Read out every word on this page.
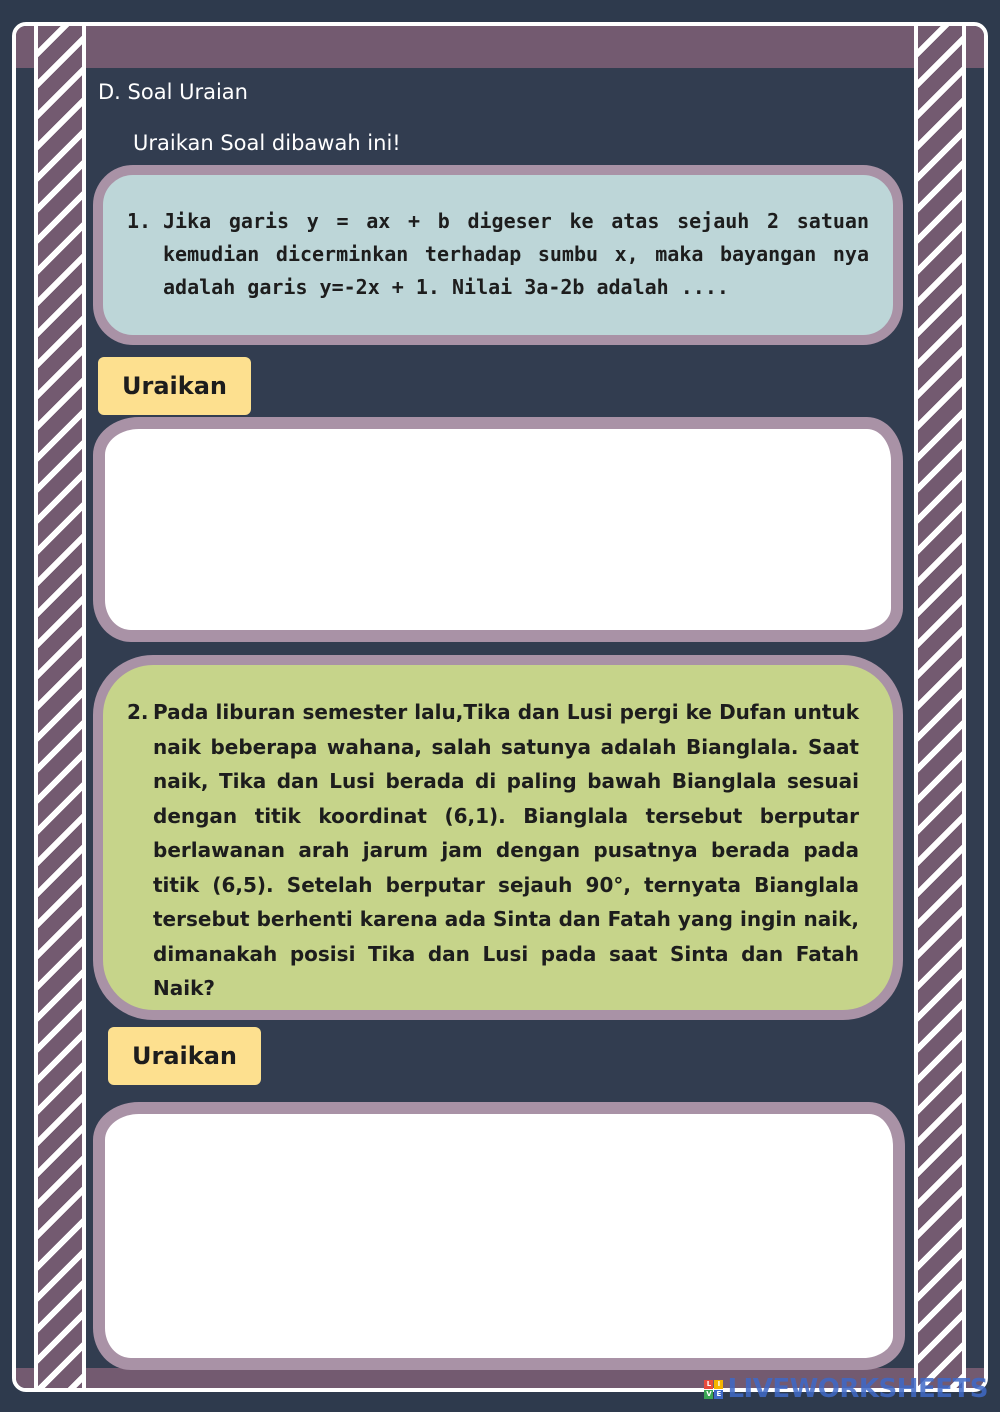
D. Soal Uraian
Uraikan Soal dibawah ini!
1. Jika garis y = ax + b digeser ke atas sejauh 2 satuan kemudian dicerminkan terhadap sumbu x, maka bayangan nya adalah garis y=-2x + 1. Nilai 3a-2b adalah ....
Uraikan
2. Pada liburan semester lalu,Tika dan Lusi pergi ke Dufan untuk naik beberapa wahana, salah satunya adalah Bianglala. Saat naik, Tika dan Lusi berada di paling bawah Bianglala sesuai dengan titik koordinat (6,1). Bianglala tersebut berputar berlawanan arah jarum jam dengan pusatnya berada pada titik (6,5). Setelah berputar sejauh 90°, ternyata Bianglala tersebut berhenti karena ada Sinta dan Fatah yang ingin naik, dimanakah posisi Tika dan Lusi pada saat Sinta dan Fatah Naik?
Uraikan
L I
V E LIVEWORKSHEETS
